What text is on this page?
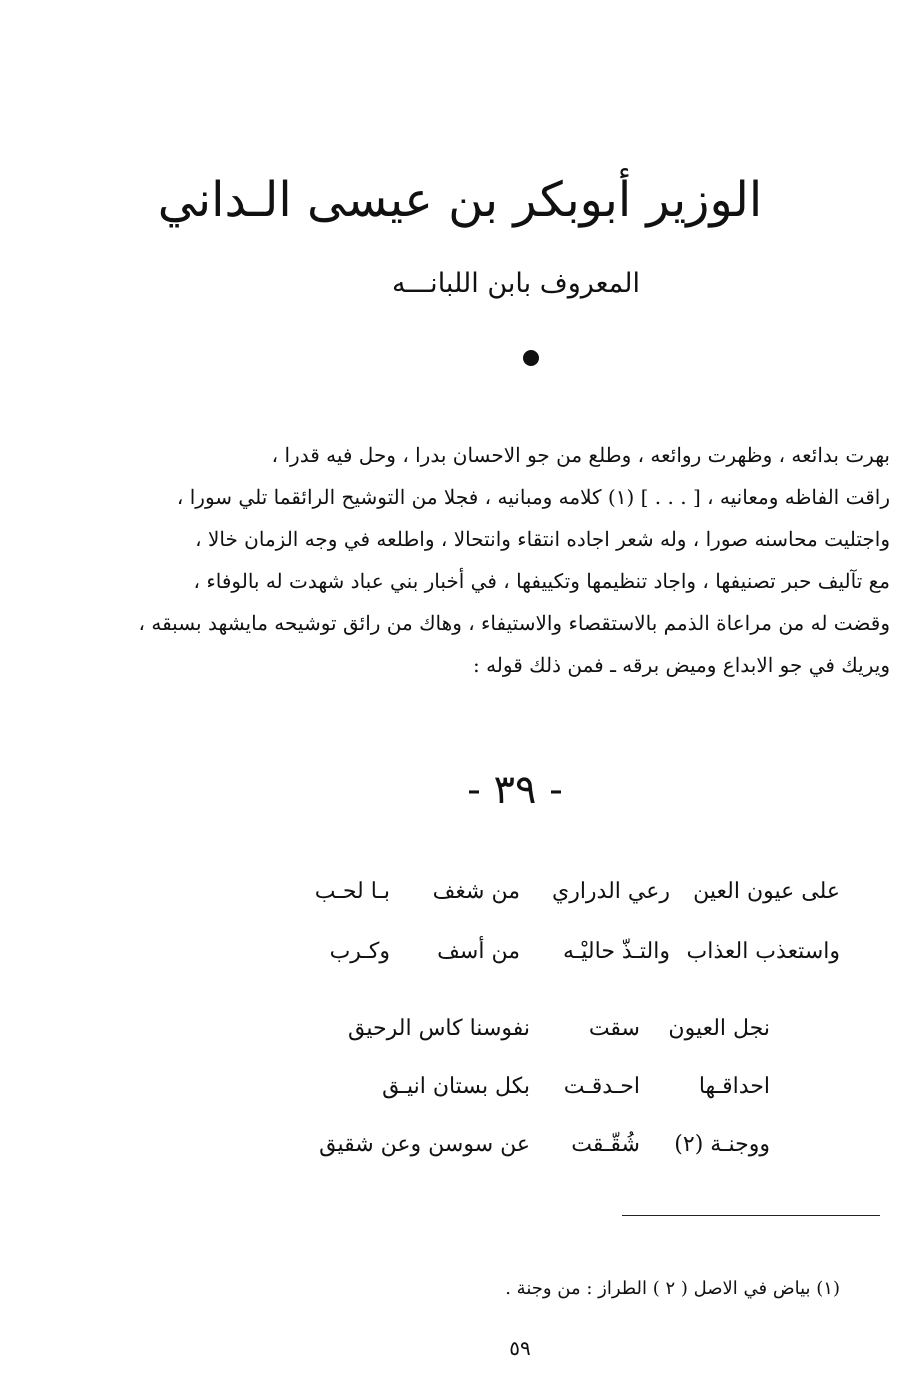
الوزير أبوبكر بن عيسى الـداني
المعروف بابن اللبانـــه
بهرت بدائعه ، وظهرت روائعه ، وطلع من جو الاحسان بدرا ، وحل فيه قدرا ،
راقت الفاظه ومعانيه ، [ . . . ] (١) كلامه ومبانيه ، فجلا من التوشيح الرائقما تلي سورا ،
واجتليت محاسنه صورا ، وله شعر اجاده انتقاء وانتحالا ، واطلعه في وجه الزمان خالا ،
مع تآليف حبر تصنيفها ، واجاد تنظيمها وتكييفها ، في أخبار بني عباد شهدت له بالوفاء ،
وقضت له من مراعاة الذمم بالاستقصاء والاستيفاء ، وهاك من رائق توشيحه مايشهد بسبقه ،
ويريك في جو الابداع وميض برقه ـ فمن ذلك قوله :
- ٣٩ -
على عيون العين
رعي الدراري
من شغف
بـا لحـب
واستعذب العذاب
والتـذّ حاليْـه
من أسف
وكـرب
نجل العيون
سقت
نفوسنا كاس الرحيق
احداقـها
احـدقـت
بكل بستان انيـق
ووجنـة (٢)
شُقّـقت
عن سوسن وعن شقيق
(١) بياض في الاصل ( ٢ ) الطراز : من وجنة .
٥٩
